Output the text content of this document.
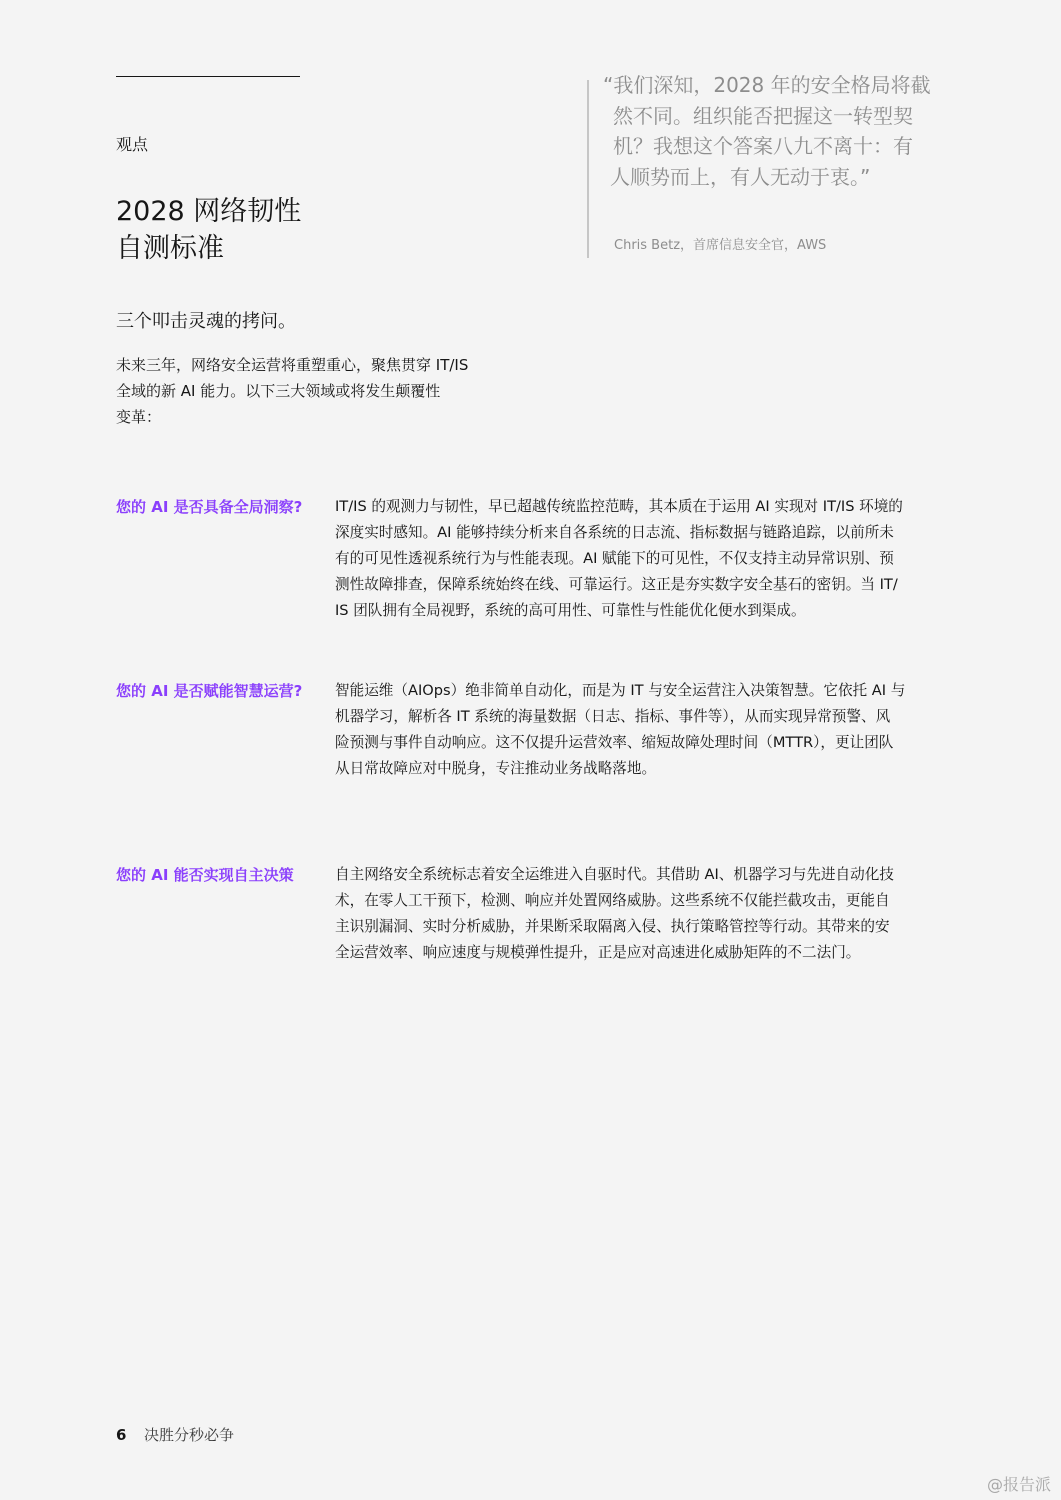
观点
2028 网络韧性
自测标准
“我们深知，2028 年的安全格局将截
然不同。组织能否把握这一转型契
机？我想这个答案八九不离十：有
人顺势而上，有人无动于衷。”
Chris Betz，首席信息安全官，AWS
三个叩击灵魂的拷问。

未来三年，网络安全运营将重塑重心，聚焦贯穿 IT/IS
全域的新 AI 能力。以下三大领域或将发生颠覆性
变革：

您的 AI 是否具备全局洞察? IT/IS 的观测力与韧性，早已超越传统监控范畴，其本质在于运用 AI 实现对 IT/IS 环境的
深度实时感知。AI 能够持续分析来自各系统的日志流、指标数据与链路追踪，以前所未
有的可见性透视系统行为与性能表现。AI 赋能下的可见性，不仅支持主动异常识别、预
测性故障排查，保障系统始终在线、可靠运行。这正是夯实数字安全基石的密钥。当 IT/
IS 团队拥有全局视野，系统的高可用性、可靠性与性能优化便水到渠成。

您的 AI 是否赋能智慧运营? 智能运维（AIOps）绝非简单自动化，而是为 IT 与安全运营注入决策智慧。它依托 AI 与
机器学习，解析各 IT 系统的海量数据（日志、指标、事件等），从而实现异常预警、风
险预测与事件自动响应。这不仅提升运营效率、缩短故障处理时间（MTTR），更让团队
从日常故障应对中脱身，专注推动业务战略落地。

您的 AI 能否实现自主决策	自主网络安全系统标志着安全运维进入自驱时代。其借助 AI、机器学习与先进自动化技
术，在零人工干预下，检测、响应并处置网络威胁。这些系统不仅能拦截攻击，更能自
主识别漏洞、实时分析威胁，并果断采取隔离入侵、执行策略管控等行动。其带来的安
全运营效率、响应速度与规模弹性提升，正是应对高速进化威胁矩阵的不二法门。

6 决胜分秒必争
@报告派
